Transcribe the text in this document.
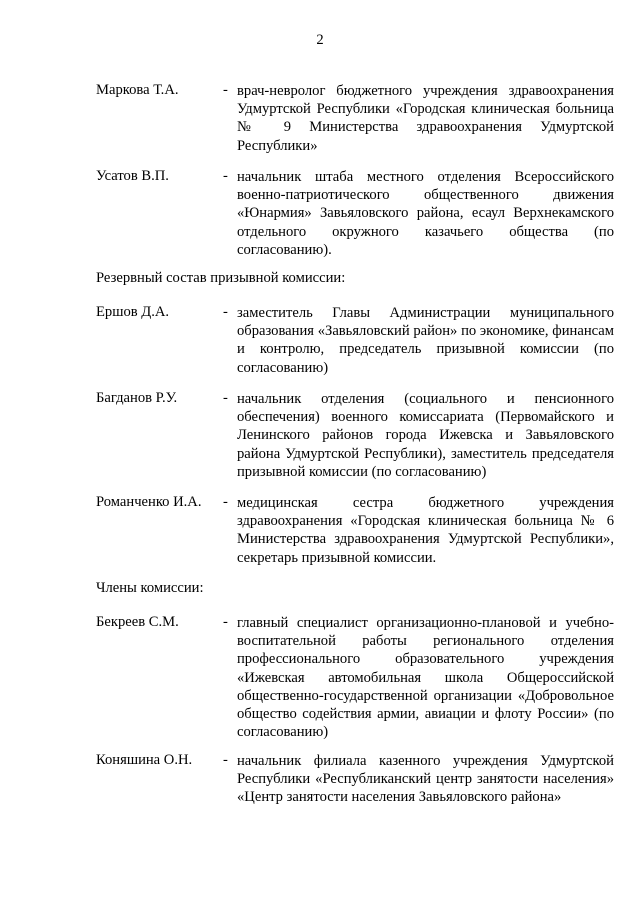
2
Маркова Т.А.	- врач-невролог бюджетного учреждения здравоохранения Удмуртской Республики «Городская клиническая больница № 9 Министерства здравоохранения Удмуртской Республики»
Усатов В.П.	- начальник штаба местного отделения Всероссийского военно-патриотического общественного движения «Юнармия» Завьяловского района, есаул Верхнекамского отдельного окружного казачьего общества (по согласованию).
Резервный состав призывной комиссии:
Ершов Д.А.	- заместитель Главы Администрации муниципального образования «Завьяловский район» по экономике, финансам и контролю, председатель призывной комиссии (по согласованию)
Багданов Р.У.	- начальник отделения (социального и пенсионного обеспечения) военного комиссариата (Первомайского и Ленинского районов города Ижевска и Завьяловского района Удмуртской Республики), заместитель председателя призывной комиссии (по согласованию)
Романченко И.А. - медицинская сестра бюджетного учреждения здравоохранения «Городская клиническая больница № 6 Министерства здравоохранения Удмуртской Республики», секретарь призывной комиссии.
Члены комиссии:
Бекреев С.М.	- главный специалист организационно-плановой и учебно-воспитательной работы регионального отделения профессионального образовательного учреждения «Ижевская автомобильная школа Общероссийской общественно-государственной организации «Добровольное общество содействия армии, авиации и флоту России» (по согласованию)
Коняшина О.Н. - начальник филиала казенного учреждения Удмуртской Республики «Республиканский центр занятости населения» «Центр занятости населения Завьяловского района»
